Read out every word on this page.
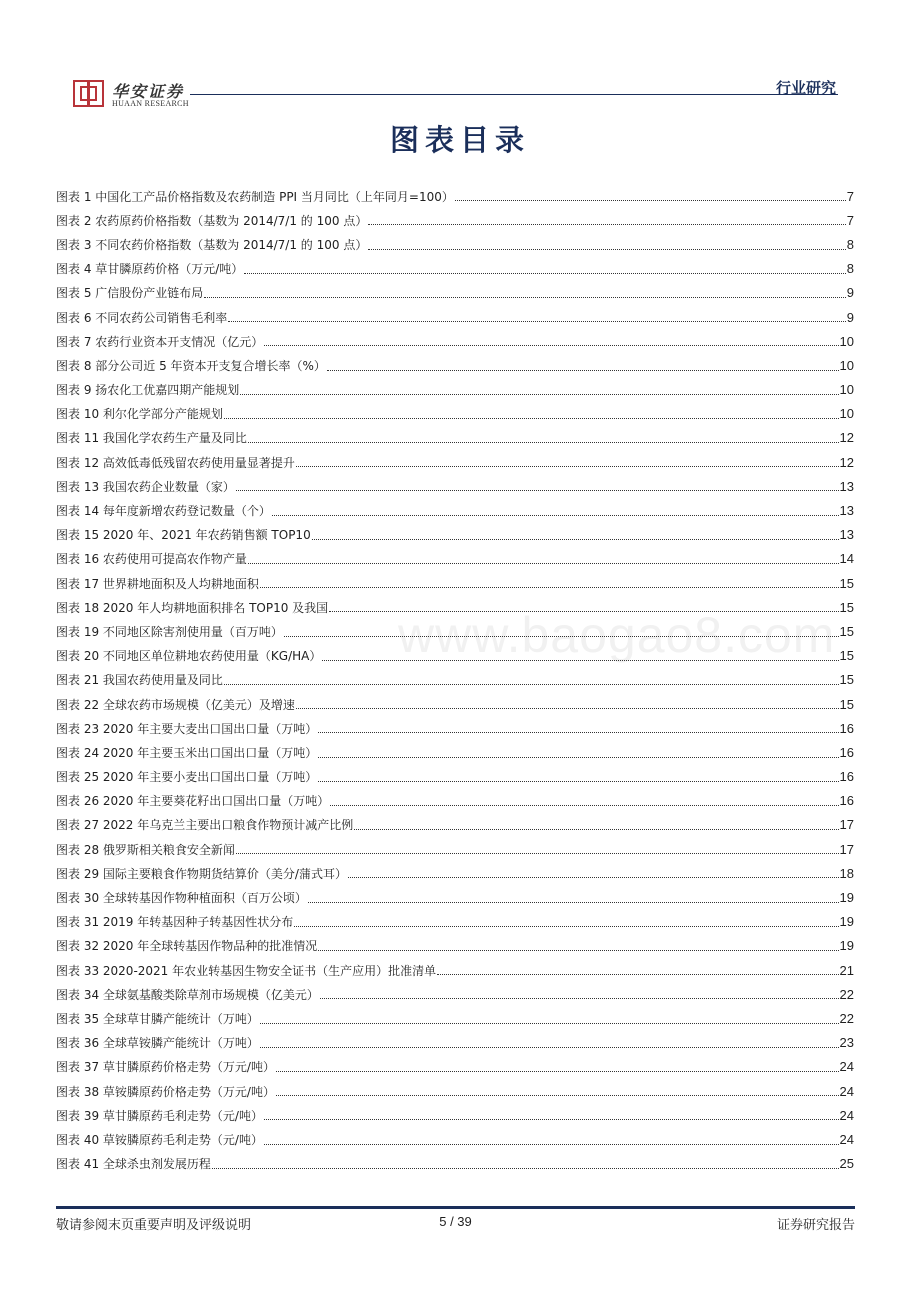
华安证券
HUAAN RESEARCH
行业研究
www.baogao8.com
图表目录
图表 1 中国化工产品价格指数及农药制造 PPI 当月同比（上年同月=100）	7
图表 2 农药原药价格指数（基数为 2014/7/1 的 100 点）	7
图表 3 不同农药价格指数（基数为 2014/7/1 的 100 点）	8
图表 4 草甘膦原药价格（万元/吨）	8
图表 5 广信股份产业链布局	9
图表 6 不同农药公司销售毛利率	9
图表 7 农药行业资本开支情况（亿元）	10
图表 8 部分公司近 5 年资本开支复合增长率（%）	10
图表 9 扬农化工优嘉四期产能规划	10
图表 10 利尔化学部分产能规划	10
图表 11 我国化学农药生产量及同比	12
图表 12 高效低毒低残留农药使用量显著提升	12
图表 13 我国农药企业数量（家）	13
图表 14 每年度新增农药登记数量（个）	13
图表 15 2020 年、2021 年农药销售额 TOP10	13
图表 16 农药使用可提高农作物产量	14
图表 17 世界耕地面积及人均耕地面积	15
图表 18 2020 年人均耕地面积排名 TOP10 及我国	15
图表 19 不同地区除害剂使用量（百万吨）	15
图表 20 不同地区单位耕地农药使用量（KG/HA）	15
图表 21 我国农药使用量及同比	15
图表 22 全球农药市场规模（亿美元）及增速	15
图表 23 2020 年主要大麦出口国出口量（万吨）	16
图表 24 2020 年主要玉米出口国出口量（万吨）	16
图表 25 2020 年主要小麦出口国出口量（万吨）	16
图表 26 2020 年主要葵花籽出口国出口量（万吨）	16
图表 27 2022 年乌克兰主要出口粮食作物预计减产比例	17
图表 28 俄罗斯相关粮食安全新闻	17
图表 29 国际主要粮食作物期货结算价（美分/蒲式耳）	18
图表 30 全球转基因作物种植面积（百万公顷）	19
图表 31 2019 年转基因种子转基因性状分布	19
图表 32 2020 年全球转基因作物品种的批准情况	19
图表 33 2020-2021 年农业转基因生物安全证书（生产应用）批准清单	21
图表 34 全球氨基酸类除草剂市场规模（亿美元）	22
图表 35 全球草甘膦产能统计（万吨）	22
图表 36 全球草铵膦产能统计（万吨）	23
图表 37 草甘膦原药价格走势（万元/吨）	24
图表 38 草铵膦原药价格走势（万元/吨）	24
图表 39 草甘膦原药毛利走势（元/吨）	24
图表 40 草铵膦原药毛利走势（元/吨）	24
图表 41 全球杀虫剂发展历程	25
敬请参阅末页重要声明及评级说明	5 / 39	证券研究报告
